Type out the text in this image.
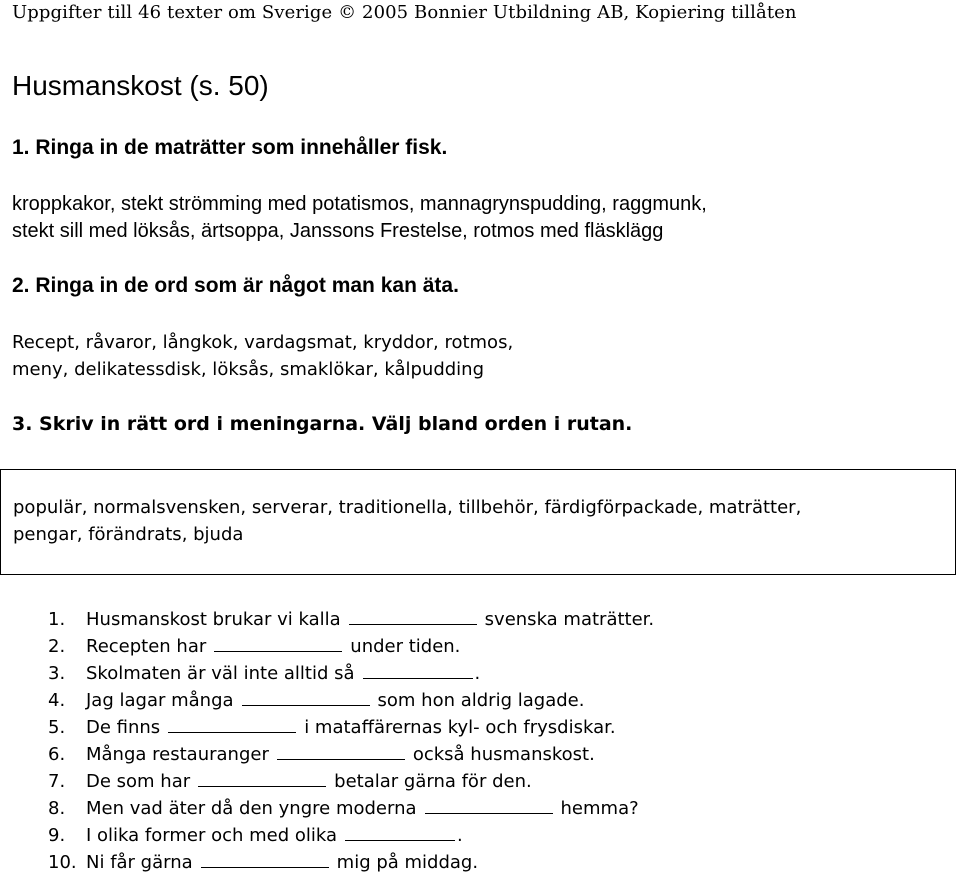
Uppgifter till 46 texter om Sverige © 2005 Bonnier Utbildning AB, Kopiering tillåten
Husmanskost (s. 50)
1. Ringa in de maträtter som innehåller fisk.
kroppkakor, stekt strömming med potatismos, mannagrynspudding, raggmunk,
stekt sill med löksås, ärtsoppa, Janssons Frestelse, rotmos med fläsklägg
2. Ringa in de ord som är något man kan äta.
Recept, råvaror, långkok, vardagsmat, kryddor, rotmos,
meny, delikatessdisk, löksås, smaklökar, kålpudding
3. Skriv in rätt ord i meningarna. Välj bland orden i rutan.
populär, normalsvensken, serverar, traditionella, tillbehör, färdigförpackade, maträtter,
pengar, förändrats, bjuda
1. Husmanskost brukar vi kalla	svenska maträtter.
2. Recepten har	under tiden.
3. Skolmaten är väl inte alltid så	.
4. Jag lagar många	som hon aldrig lagade.
5. De finns	i mataffärernas kyl- och frysdiskar.
6. Många restauranger	också husmanskost.
7. De som har	betalar gärna för den.
8. Men vad äter då den yngre moderna	hemma?
9. I olika former och med olika	.
10. Ni får gärna	mig på middag.
